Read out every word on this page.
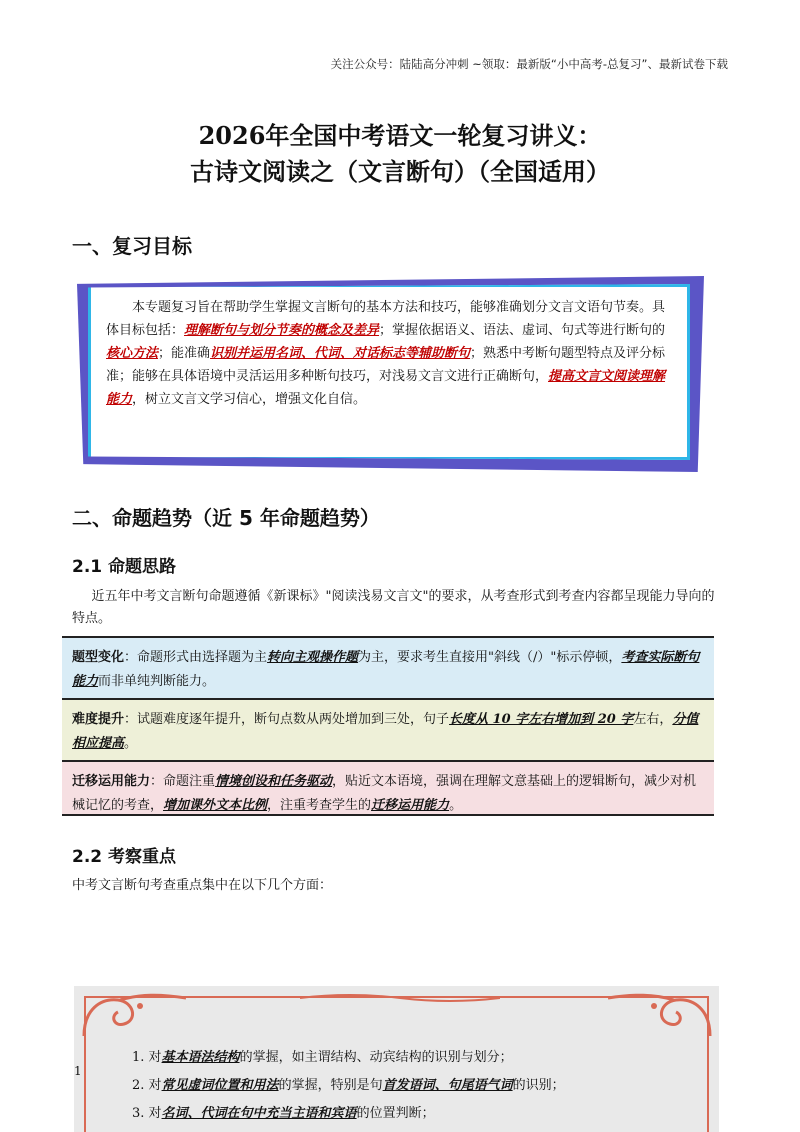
关注公众号：陆陆高分冲刺 ~领取：最新版“小中高考-总复习”、最新试卷下载
2026年全国中考语文一轮复习讲义：
古诗文阅读之（文言断句）（全国适用）
一、复习目标
本专题复习旨在帮助学生掌握文言断句的基本方法和技巧，能够准确划分文言文语句节奏。具体目标包括：理解断句与划分节奏的概念及差异；掌握依据语义、语法、虚词、句式等进行断句的核心方法；能准确识别并运用名词、代词、对话标志等辅助断句；熟悉中考断句题型特点及评分标准；能够在具体语境中灵活运用多种断句技巧，对浅易文言文进行正确断句，提高文言文阅读理解能力，树立文言文学习信心，增强文化自信。
二、命题趋势（近 5 年命题趋势）
2.1 命题思路
近五年中考文言断句命题遵循《新课标》"阅读浅易文言文"的要求，从考查形式到考查内容都呈现能力导向的特点。
题型变化：命题形式由选择题为主转向主观操作题为主，要求考生直接用"斜线（/）"标示停顿，考查实际断句能力而非单纯判断能力。
难度提升：试题难度逐年提升，断句点数从两处增加到三处，句子长度从 10 字左右增加到 20 字左右，分值相应提高。
迁移运用能力：命题注重情境创设和任务驱动，贴近文本语境，强调在理解文意基础上的逻辑断句，减少对机械记忆的考查，增加课外文本比例，注重考查学生的迁移运用能力。
2.2 考察重点
中考文言断句考查重点集中在以下几个方面：
1
1. 对基本语法结构的掌握，如主谓结构、动宾结构的识别与划分；
2. 对常见虚词位置和用法的掌握，特别是句首发语词、句尾语气词的识别；
3. 对名词、代词在句中充当主语和宾语的位置判断；
